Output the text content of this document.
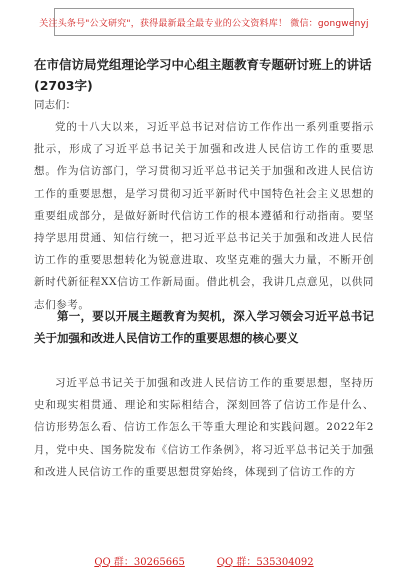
关注头条号"公文研究"，获得最新最全最专业的公文资料库！ 微信：gongwenyj
在市信访局党组理论学习中心组主题教育专题研讨班上的讲话(2703字)
同志们：

党的十八大以来，习近平总书记对信访工作作出一系列重要指示批示，形成了习近平总书记关于加强和改进人民信访工作的重要思想。作为信访部门，学习贯彻习近平总书记关于加强和改进人民信访工作的重要思想，是学习贯彻习近平新时代中国特色社会主义思想的重要组成部分，是做好新时代信访工作的根本遵循和行动指南。要坚持学思用贯通、知信行统一，把习近平总书记关于加强和改进人民信访工作的重要思想转化为锐意进取、攻坚克难的强大力量，不断开创新时代新征程XX信访工作新局面。借此机会，我讲几点意见，以供同志们参考。

第一，要以开展主题教育为契机，深入学习领会习近平总书记关于加强和改进人民信访工作的重要思想的核心要义

习近平总书记关于加强和改进人民信访工作的重要思想，坚持历史和现实相贯通、理论和实际相结合，深刻回答了信访工作是什么、信访形势怎么看、信访工作怎么干等重大理论和实践问题。2022年2月，党中央、国务院发布《信访工作条例》，将习近平总书记关于加强和改进人民信访工作的重要思想贯穿始终，体现到了信访工作的方

QQ 群：30265665	QQ 群：535304092
